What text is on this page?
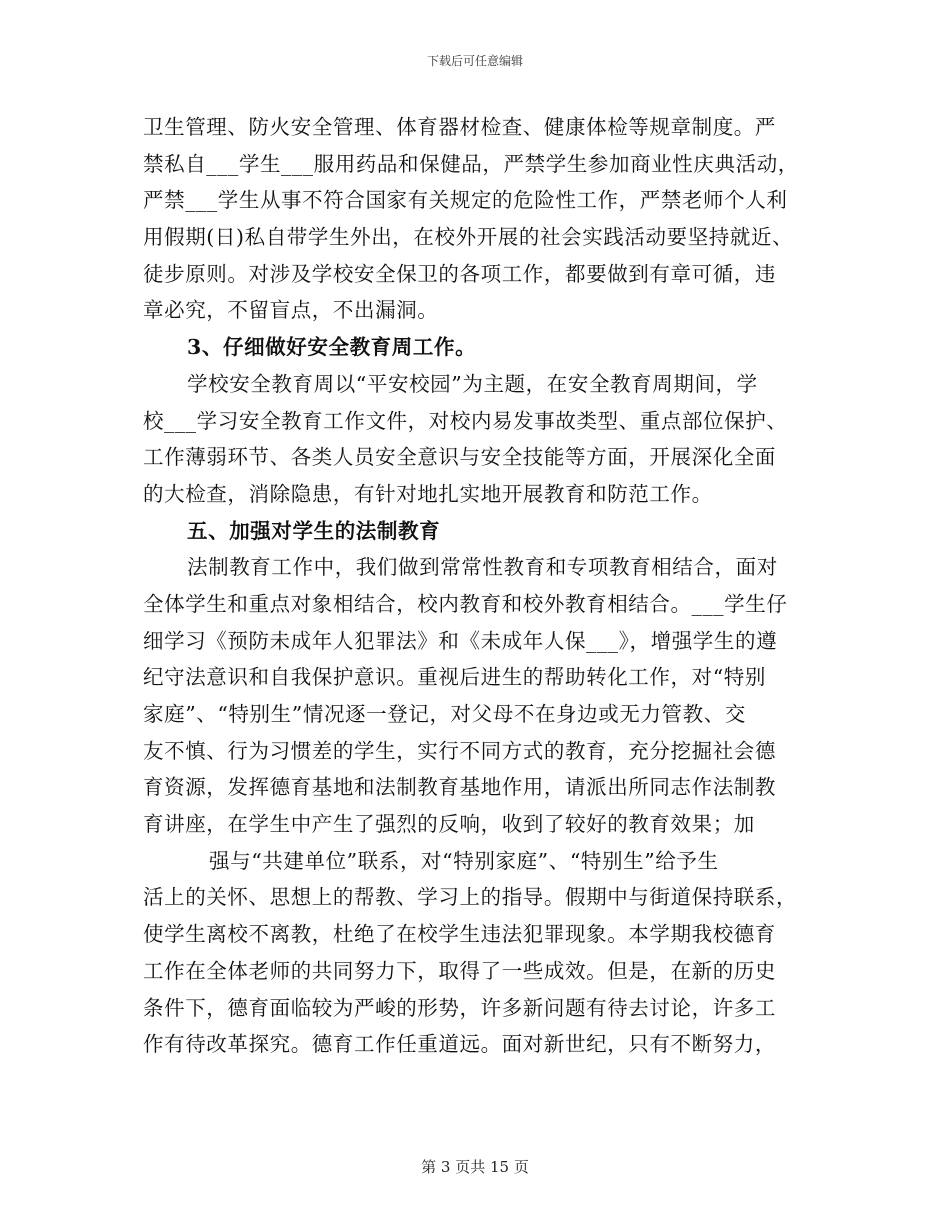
下载后可任意编辑
卫生管理、防火安全管理、体育器材检查、健康体检等规章制度。严
禁私自___学生___服用药品和保健品，严禁学生参加商业性庆典活动，
严禁___学生从事不符合国家有关规定的危险性工作，严禁老师个人利
用假期(日)私自带学生外出，在校外开展的社会实践活动要坚持就近、
徒步原则。对涉及学校安全保卫的各项工作，都要做到有章可循，违
章必究，不留盲点，不出漏洞。
3、仔细做好安全教育周工作。
学校安全教育周以“平安校园”为主题，在安全教育周期间，学
校___学习安全教育工作文件，对校内易发事故类型、重点部位保护、
工作薄弱环节、各类人员安全意识与安全技能等方面，开展深化全面
的大检查，消除隐患，有针对地扎实地开展教育和防范工作。
五、加强对学生的法制教育
法制教育工作中，我们做到常常性教育和专项教育相结合，面对
全体学生和重点对象相结合，校内教育和校外教育相结合。___学生仔
细学习《预防未成年人犯罪法》和《未成年人保___》，增强学生的遵
纪守法意识和自我保护意识。重视后进生的帮助转化工作，对“特别
家庭”、“特别生”情况逐一登记，对父母不在身边或无力管教、交
友不慎、行为习惯差的学生，实行不同方式的教育，充分挖掘社会德
育资源，发挥德育基地和法制教育基地作用，请派出所同志作法制教
育讲座，在学生中产生了强烈的反响，收到了较好的教育效果；加
强与“共建单位”联系，对“特别家庭”、“特别生”给予生
活上的关怀、思想上的帮教、学习上的指导。假期中与街道保持联系，
使学生离校不离教，杜绝了在校学生违法犯罪现象。本学期我校德育
工作在全体老师的共同努力下，取得了一些成效。但是，在新的历史
条件下，德育面临较为严峻的形势，许多新问题有待去讨论，许多工
作有待改革探究。德育工作任重道远。面对新世纪，只有不断努力，
第 3 页共 15 页
